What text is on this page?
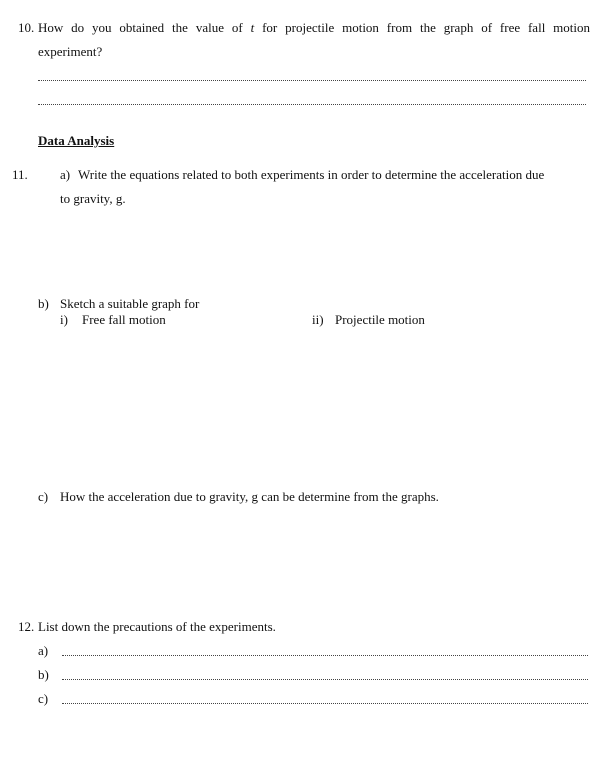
10. How do you obtained the value of t for projectile motion from the graph of free fall motion
experiment?
Data Analysis
11. a) Write the equations related to both experiments in order to determine the acceleration due
to gravity, g.
b) Sketch a suitable graph for
i) Free fall motion	ii) Projectile motion
c) How the acceleration due to gravity, g can be determine from the graphs.
12. List down the precautions of the experiments.
a)
b)
c)
